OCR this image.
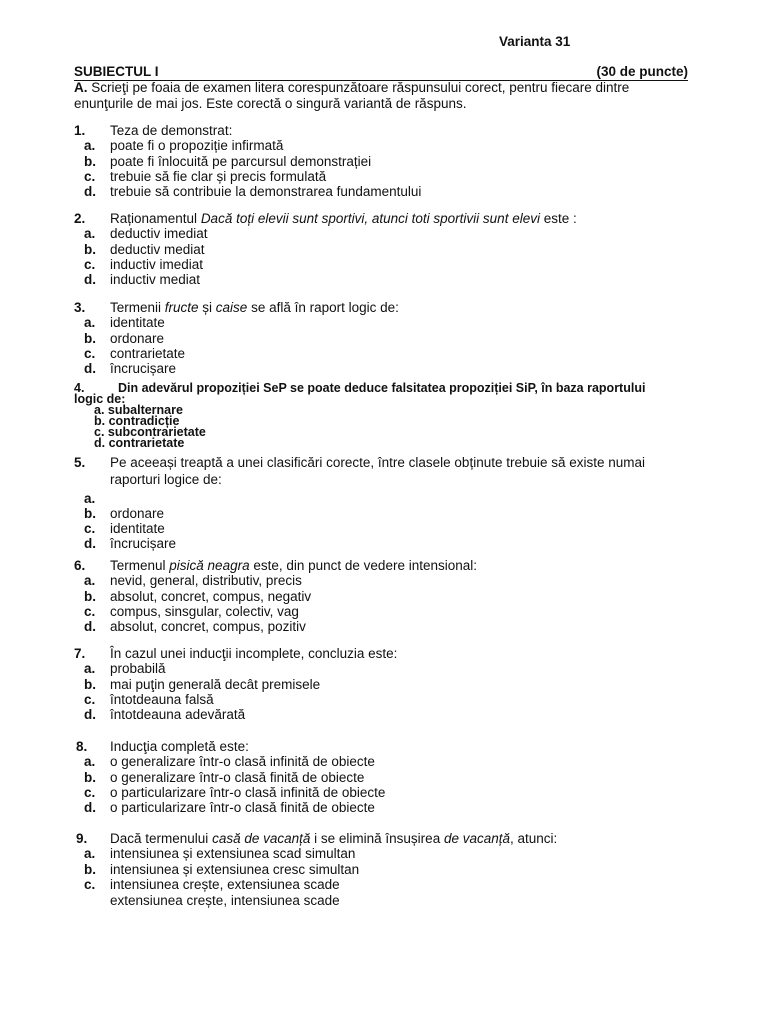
Varianta 31
SUBIECTUL I	(30 de puncte)
A. Scrieţi pe foaia de examen litera corespunzătoare răspunsului corect, pentru fiecare dintre
enunţurile de mai jos. Este corectă o singură variantă de răspuns.
1. Teza de demonstrat:
a.	poate fi o propoziție infirmată
b.	poate fi înlocuită pe parcursul demonstrației
c.	trebuie să fie clar și precis formulată
d.	trebuie să contribuie la demonstrarea fundamentului
2. Raționamentul Dacă toți elevii sunt sportivi, atunci toti sportivii sunt elevi este :
a.	deductiv imediat
b.	deductiv mediat
c.	inductiv imediat
d.	inductiv mediat
3. Termenii fructe și caise se află în raport logic de:
a.	identitate
b.	ordonare
c.	contrarietate
d.	încrucișare
4.	Din adevărul propoziției SeP se poate deduce falsitatea propoziției SiP, în baza raportului
logic de:
a. subalternare
b. contradicție
c. subcontrarietate
d. contrarietate
5. Pe aceeași treaptă a unei clasificări corecte, între clasele obținute trebuie să existe numai
raporturi logice de:
a.
b.	ordonare
c.	identitate
d.	încrucișare
6. Termenul pisică neagra este, din punct de vedere intensional:
a.	nevid, general, distributiv, precis
b.	absolut, concret, compus, negativ
c.	compus, sinsgular, colectiv, vag
d.	absolut, concret, compus, pozitiv
7. În cazul unei inducţii incomplete, concluzia este:
a.	probabilă
b.	mai puţin generală decât premisele
c.	întotdeauna falsă
d.	întotdeauna adevărată
8. Inducţia completă este:
a.	o generalizare într-o clasă infinită de obiecte
b.	o generalizare într-o clasă finită de obiecte
c.	o particularizare într-o clasă infinită de obiecte
d.	o particularizare într-o clasă finită de obiecte
9. Dacă termenului casă de vacanță i se elimină însușirea de vacanță, atunci:
a.	intensiunea și extensiunea scad simultan
b.	intensiunea și extensiunea cresc simultan
c.	intensiunea crește, extensiunea scade
extensiunea crește, intensiunea scade
